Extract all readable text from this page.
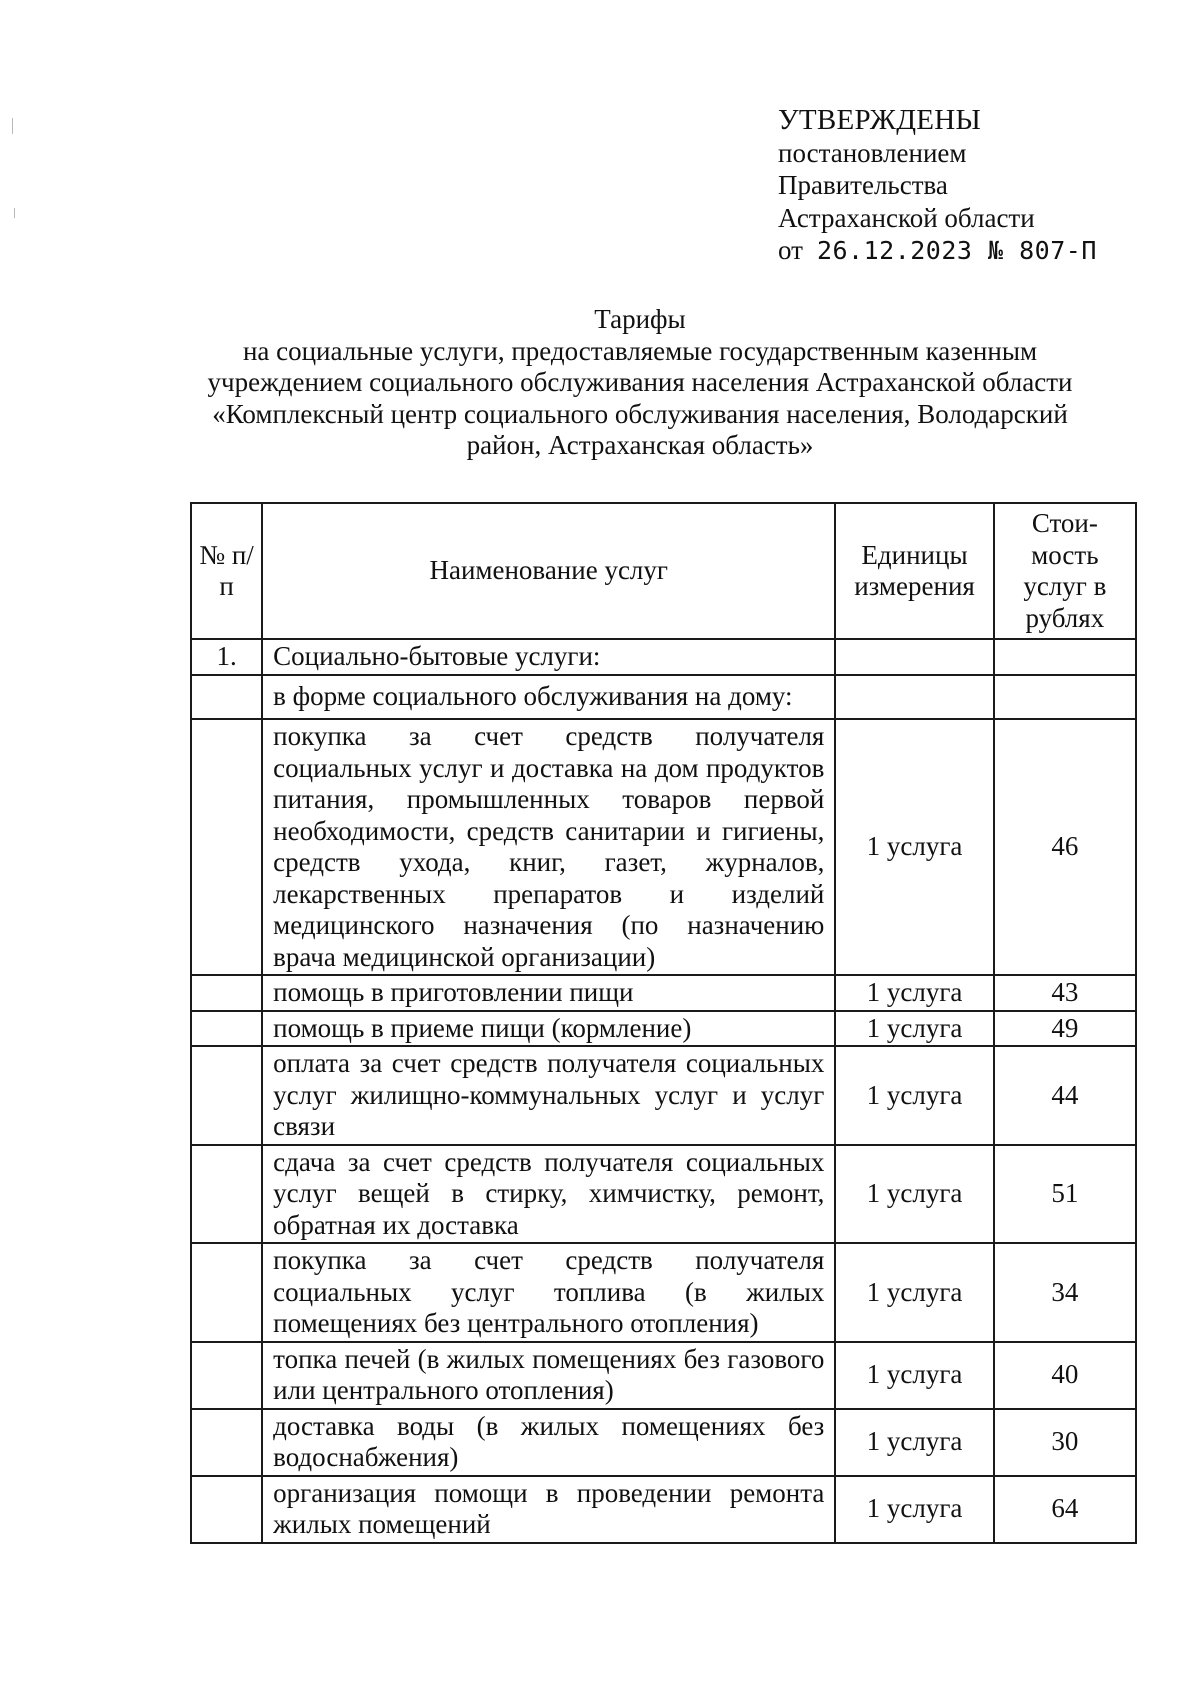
УТВЕРЖДЕНЫ
постановлением
Правительства
Астраханской области
от 26.12.2023 № 807-П
Тарифы
на социальные услуги, предоставляемые государственным казенным
учреждением социального обслуживания населения Астраханской области
«Комплексный центр социального обслуживания населения, Володарский
район, Астраханская область»
№ п/п	Наименование услуг	Единицы измерения	Стои-мость услуг в рублях

1.	Социально-бытовые услуги:		

	в форме социального обслуживания на дому:		

	покупка за счет средств получателя социальных услуг и доставка на дом продуктов питания, промышленных товаров первой необходимости, средств санитарии и гигиены, средств ухода, книг, газет, журналов, лекарственных препаратов и изделий медицинского назначения (по назначению врача медицинской организации)	1 услуга	46

	помощь в приготовлении пищи	1 услуга	43

	помощь в приеме пищи (кормление)	1 услуга	49

	оплата за счет средств получателя социальных услуг жилищно-коммунальных услуг и услуг связи	1 услуга	44

	сдача за счет средств получателя социальных услуг вещей в стирку, химчистку, ремонт, обратная их доставка	1 услуга	51

	покупка за счет средств получателя социальных услуг топлива (в жилых помещениях без центрального отопления)	1 услуга	34

	топка печей (в жилых помещениях без газового или центрального отопления)	1 услуга	40

	доставка воды (в жилых помещениях без водоснабжения)	1 услуга	30

	организация помощи в проведении ремонта жилых помещений	1 услуга	64
